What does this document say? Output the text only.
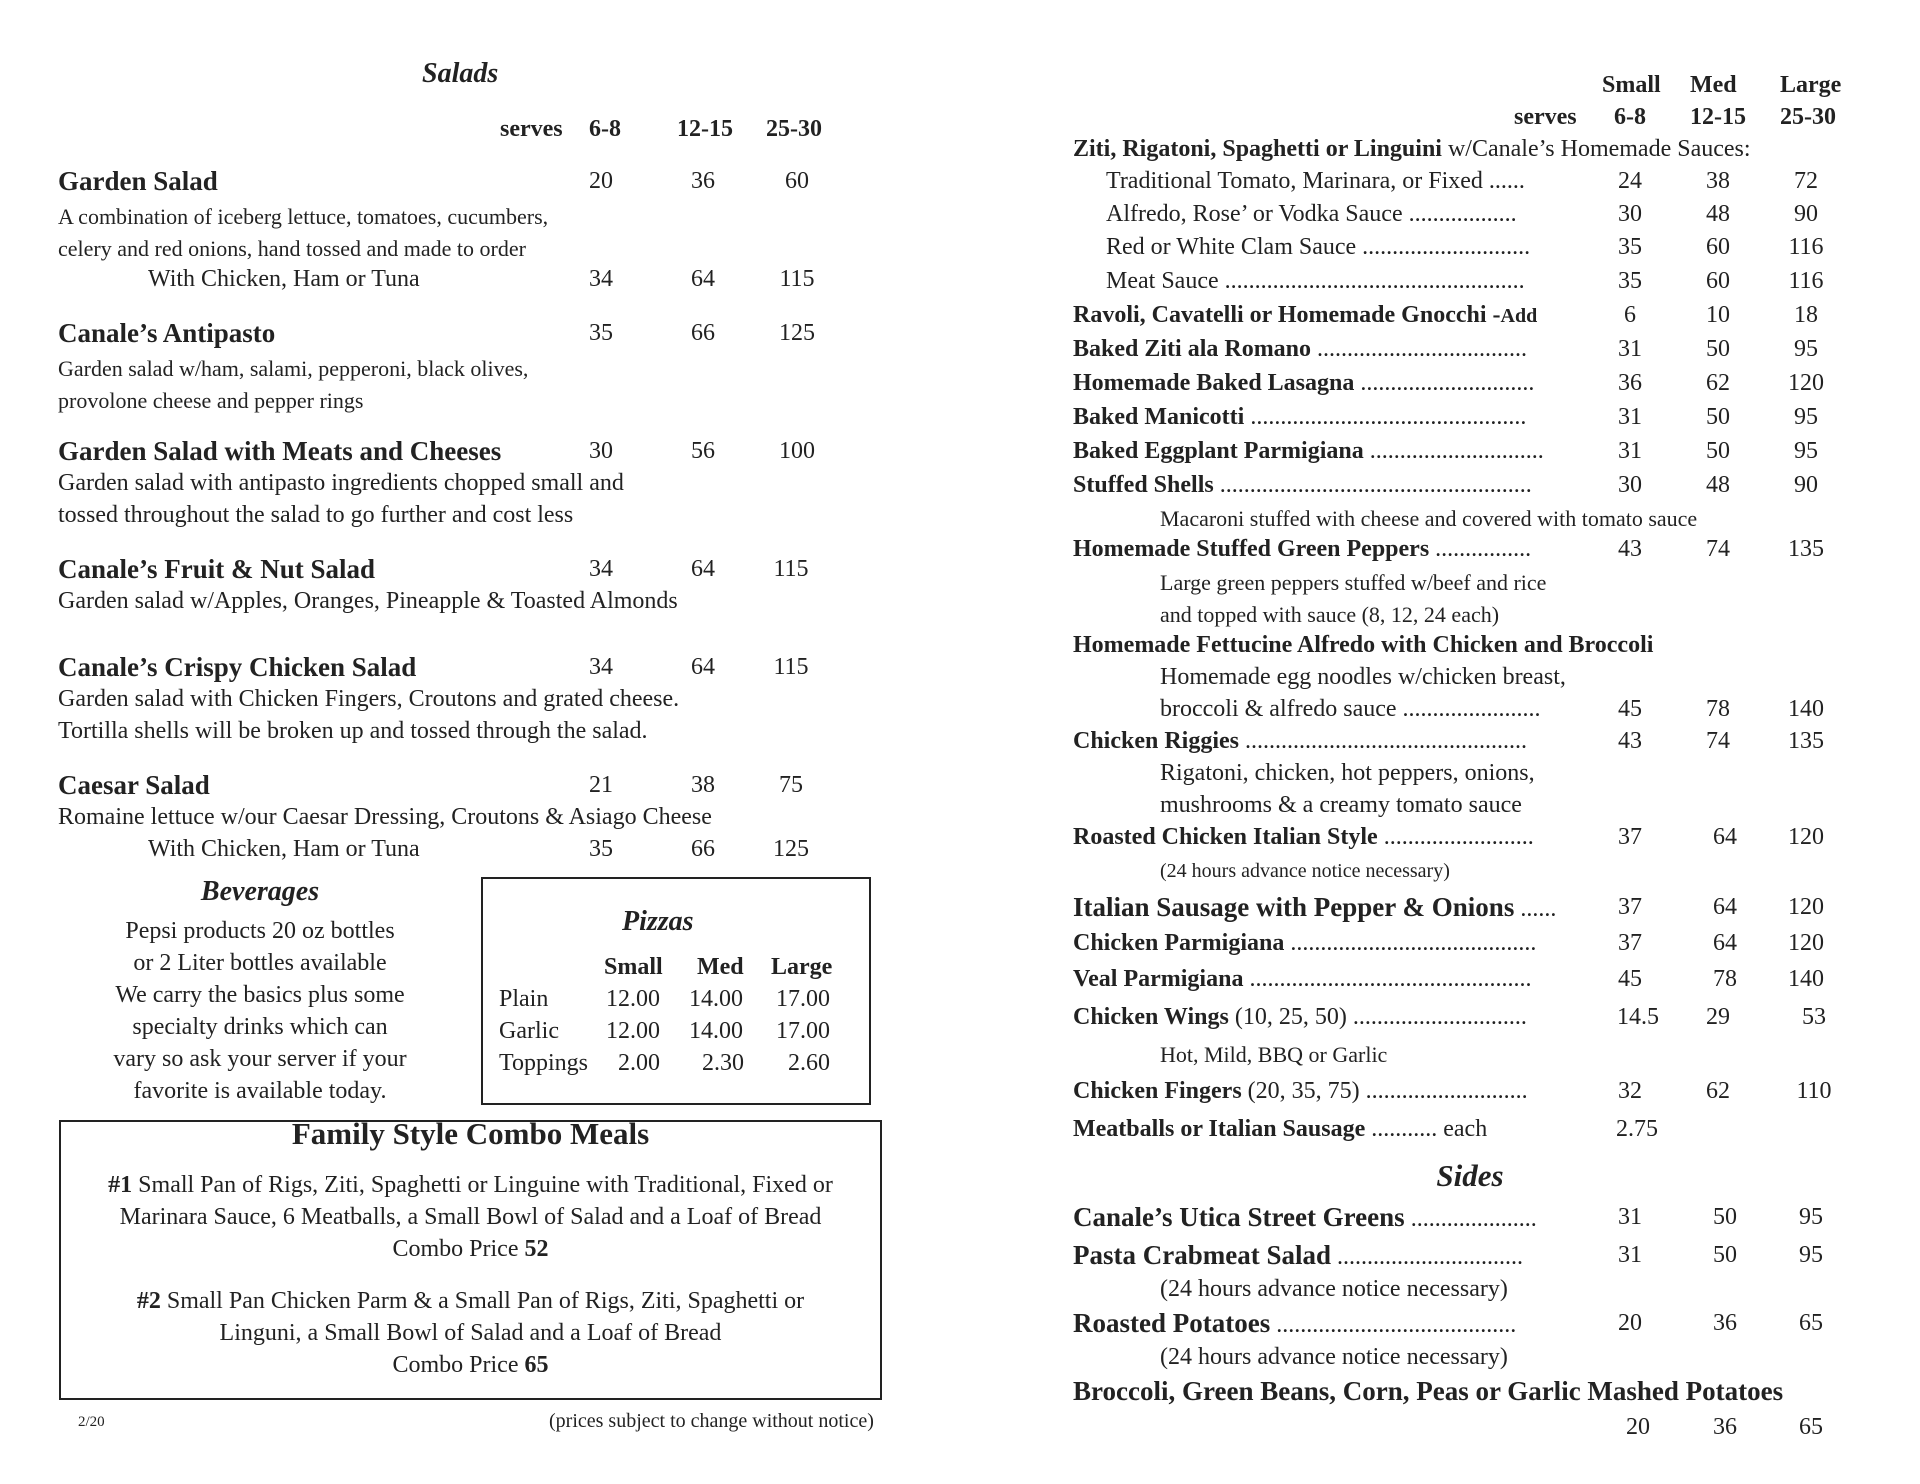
Salads
serves 6-8 12-15 25-30
Garden Salad	20	36	60
A combination of iceberg lettuce, tomatoes, cucumbers,
celery and red onions, hand tossed and made to order
With Chicken, Ham or Tuna	34	64	115
Canale’s Antipasto	35	66	125
Garden salad w/ham, salami, pepperoni, black olives,
provolone cheese and pepper rings
Garden Salad with Meats and Cheeses	30	56	100
Garden salad with antipasto ingredients chopped small and
tossed throughout the salad to go further and cost less
Canale’s Fruit & Nut Salad	34	64	115
Garden salad w/Apples, Oranges, Pineapple & Toasted Almonds
Canale’s Crispy Chicken Salad	34	64	115
Garden salad with Chicken Fingers, Croutons and grated cheese.
Tortilla shells will be broken up and tossed through the salad.
Caesar Salad	21	38	75
Romaine lettuce w/our Caesar Dressing, Croutons & Asiago Cheese
With Chicken, Ham or Tuna	35	66	125
Beverages
Pepsi products 20 oz bottles
or 2 Liter bottles available
We carry the basics plus some
specialty drinks which can
vary so ask your server if your
favorite is available today.
Pizzas
Small Med Large
Plain 12.00 14.00 17.00
Garlic 12.00 14.00 17.00
Toppings 2.00 2.30 2.60
Family Style Combo Meals
#1 Small Pan of Rigs, Ziti, Spaghetti or Linguine with Traditional, Fixed or
Marinara Sauce, 6 Meatballs, a Small Bowl of Salad and a Loaf of Bread
Combo Price 52
#2 Small Pan Chicken Parm & a Small Pan of Rigs, Ziti, Spaghetti or
Linguni, a Small Bowl of Salad and a Loaf of Bread
Combo Price 65
2/20	(prices subject to change without notice)
Small Med Large
serves 6-8 12-15 25-30
Ziti, Rigatoni, Spaghetti or Linguini w/Canale’s Homemade Sauces:
Traditional Tomato, Marinara, or Fixed ......	24	38	72
Alfredo, Rose’ or Vodka Sauce ..................	30	48	90
Red or White Clam Sauce ............................	35	60	116
Meat Sauce ..................................................	35	60	116
Ravoli, Cavatelli or Homemade Gnocchi -Add	6	10	18
Baked Ziti ala Romano ...................................	31	50	95
Homemade Baked Lasagna .............................	36	62	120
Baked Manicotti ..............................................	31	50	95
Baked Eggplant Parmigiana .............................	31	50	95
Stuffed Shells ....................................................	30	48	90
Macaroni stuffed with cheese and covered with tomato sauce
Homemade Stuffed Green Peppers ................	43	74	135
Large green peppers stuffed w/beef and rice
and topped with sauce (8, 12, 24 each)
Homemade Fettucine Alfredo with Chicken and Broccoli
Homemade egg noodles w/chicken breast,
broccoli & alfredo sauce .......................	45	78	140
Chicken Riggies ...............................................	43	74	135
Rigatoni, chicken, hot peppers, onions,
mushrooms & a creamy tomato sauce
Roasted Chicken Italian Style .........................	37	64	120
(24 hours advance notice necessary)
Italian Sausage with Pepper & Onions ......	37	64	120
Chicken Parmigiana .........................................	37	64	120
Veal Parmigiana ...............................................	45	78	140
Chicken Wings (10, 25, 50) .............................	14.5	29	53
Hot, Mild, BBQ or Garlic
Chicken Fingers (20, 35, 75) ...........................	32	62	110
Meatballs or Italian Sausage ........... each	2.75
Sides
Canale’s Utica Street Greens .....................	31	50	95
Pasta Crabmeat Salad ...............................	31	50	95
(24 hours advance notice necessary)
Roasted Potatoes ........................................	20	36	65
(24 hours advance notice necessary)
Broccoli, Green Beans, Corn, Peas or Garlic Mashed Potatoes
20	36	65
